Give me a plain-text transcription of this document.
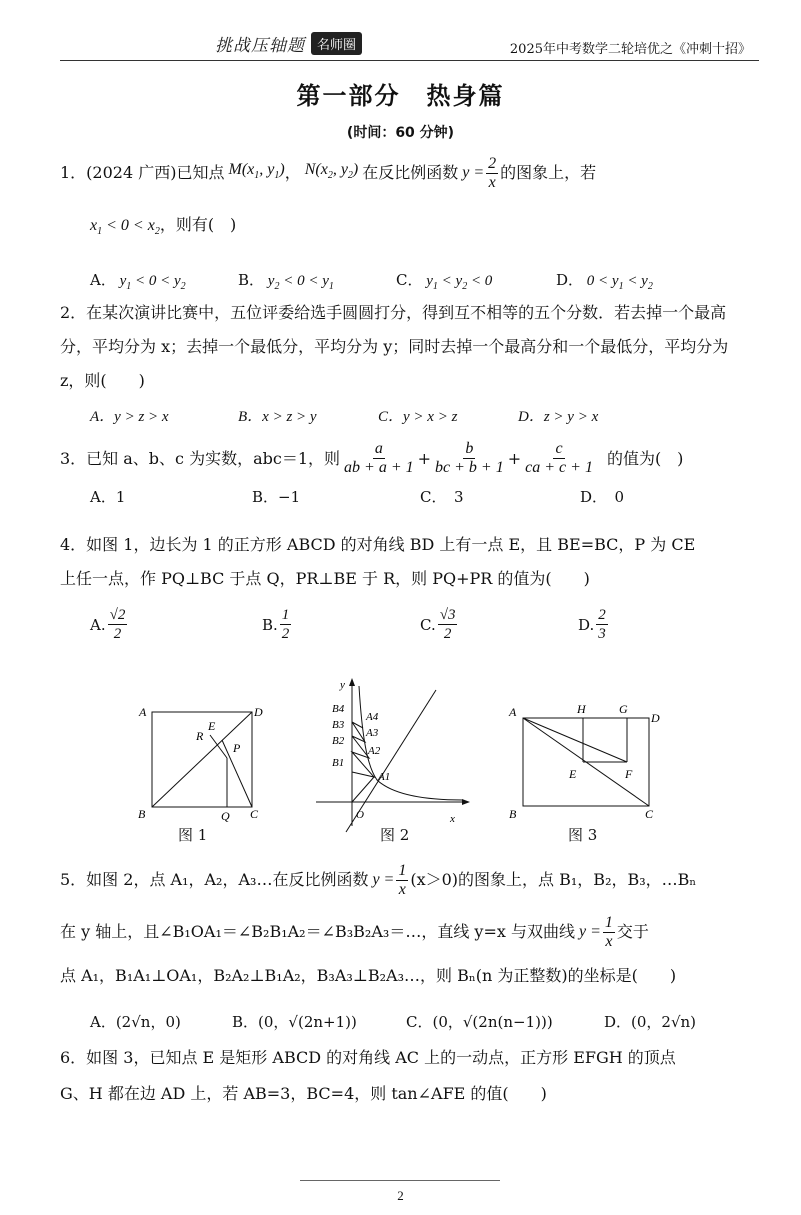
挑战压轴题 名师圈	2025年中考数学二轮培优之《冲刺十招》
第一部分　热身篇
(时间：60 分钟)
1．(2024 广西)已知点 $M(x_1$, $y_1$) ， $N(x_2$, $y_2$) 在反比例函数 $y = \frac{2}{x}$ 的图象上，若
$x_1 < 0 < x_2$，则有(　)
A． $y_1 < 0 < y_2$	B． $y_2 < 0 < y_1$	C． $y_1 < y_2 < 0$	D． $0 < y_1 < y_2$
2．在某次演讲比赛中，五位评委给选手圆圆打分，得到互不相等的五个分数．若去掉一个最高分，平均分为 x；去掉一个最低分，平均分为 y；同时去掉一个最高分和一个最低分，平均分为 z，则(　　)
A．y > z > x	B．x > z > y	C．y > x > z	D．z > y > x
3．已知 a、b、c 为实数，abc＝1，则 $\frac{a}{ab + a + 1} + \frac{b}{bc + b + 1} + \frac{c}{ca + c + 1}$ 的值为(　)
A．1	B．−1	C．　3	D．　0
4．如图 1，边长为 1 的正方形 ABCD 的对角线 BD 上有一点 E，且 BE=BC，P 为 CE
上任一点，作 PQ⊥BC 于点 Q，PR⊥BE 于 R，则 PQ+PR 的值为(　　)
A. $\frac{√2}{2}$	B. $\frac{1}{2}$	C. $\frac{√3}{2}$	D. $\frac{2}{3}$
A	D
B	C
E
R
P
Q
图 1
y
x
O
B4
B3
B2
B1
A4
A3
A2
A1
图 2
A	H	G
D
E	F
B	C
图 3
5．如图 2，点 A₁，A₂，A₃…在反比例函数 $y = \frac{1}{x} (x>0)$的图象上，点 B₁，B₂，B₃，…Bₙ
在 y 轴上，且∠B₁OA₁＝∠B₂B₁A₂＝∠B₃B₂A₃＝…，直线 y=x 与双曲线 $y = \frac{1}{x}$ 交于
点 A₁，B₁A₁⊥OA₁，B₂A₂⊥B₁A₂，B₃A₃⊥B₂A₃…，则 Bₙ(n 为正整数)的坐标是(　　)
A．(2√n，0)	B．(0，√(2n+1))	C．(0，√(2n(n−1)))	D．(0，2√n)
6．如图 3，已知点 E 是矩形 ABCD 的对角线 AC 上的一动点，正方形 EFGH 的顶点
G、H 都在边 AD 上，若 AB=3，BC=4，则 tan∠AFE 的值(　　)
2
